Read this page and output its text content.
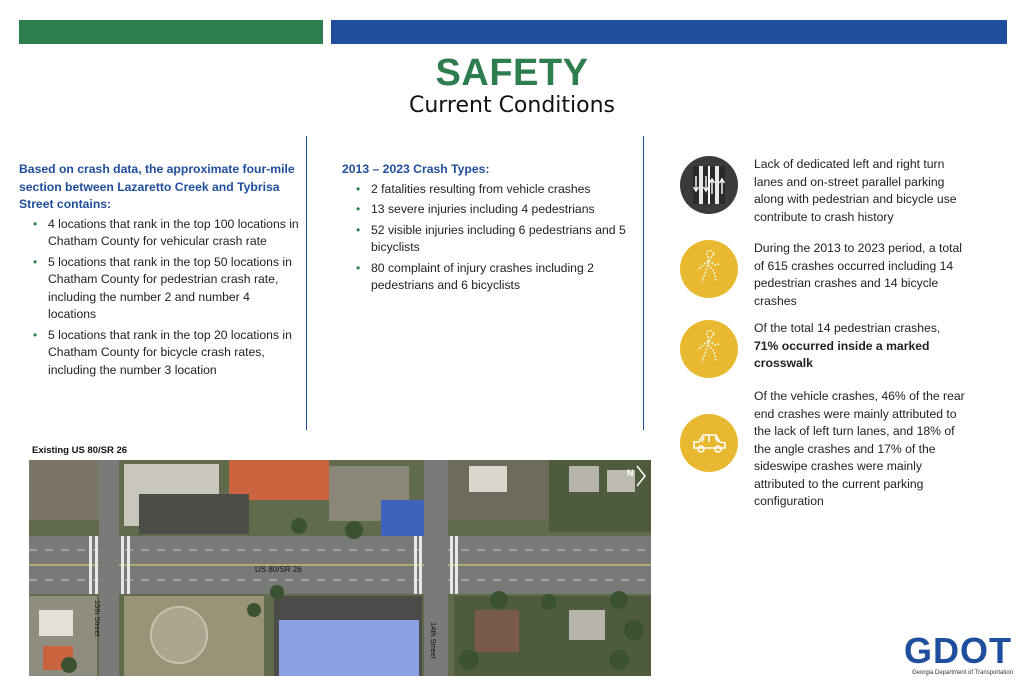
SAFETY
Current Conditions
Based on crash data, the approximate four-mile section between Lazaretto Creek and Tybrisa Street contains:
• 4 locations that rank in the top 100 locations in Chatham County for vehicular crash rate
• 5 locations that rank in the top 50 locations in Chatham County for pedestrian crash rate, including the number 2 and number 4 locations
• 5 locations that rank in the top 20 locations in Chatham County for bicycle crash rates, including the number 3 location
2013 – 2023 Crash Types:
• 2 fatalities resulting from vehicle crashes
• 13 severe injuries including 4 pedestrians
• 52 visible injuries including 6 pedestrians and 5 bicyclists
• 80 complaint of injury crashes including 2 pedestrians and 6 bicyclists
Lack of dedicated left and right turn lanes and on-street parallel parking along with pedestrian and bicycle use contribute to crash history
During the 2013 to 2023 period, a total of 615 crashes occurred including 14 pedestrian crashes and 14 bicycle crashes
Of the total 14 pedestrian crashes, 71% occurred inside a marked crosswalk
Of the vehicle crashes, 46% of the rear end crashes were mainly attributed to the lack of left turn lanes, and 18% of the angle crashes and 17% of the sideswipe crashes were mainly attributed to the current parking configuration
Existing US 80/SR 26
US 80/SR 26
15th Street
14th Street
N
GDOT
Georgia Department of Transportation
